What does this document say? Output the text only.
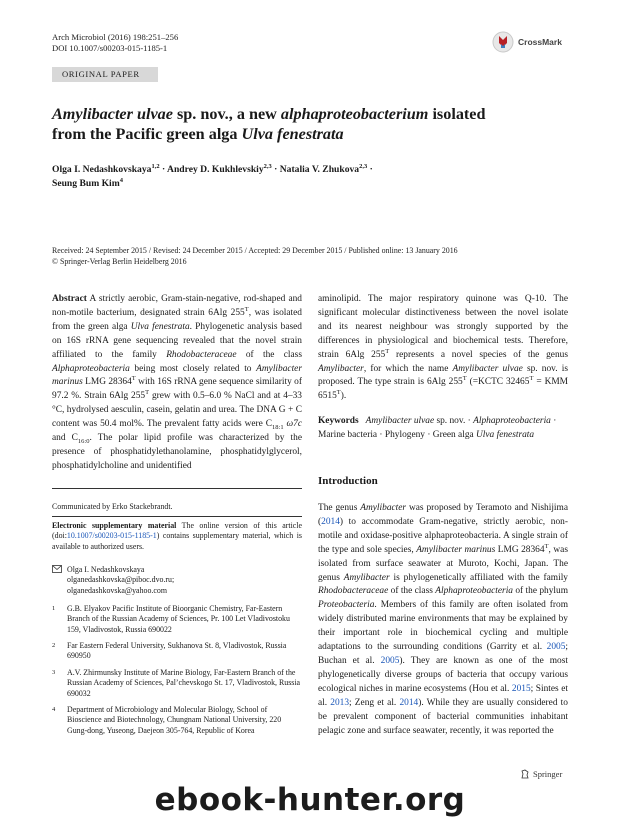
Arch Microbiol (2016) 198:251–256
DOI 10.1007/s00203-015-1185-1
CrossMark
ORIGINAL PAPER
Amylibacter ulvae sp. nov., a new alphaproteobacterium isolated
from the Pacific green alga Ulva fenestrata
Olga I. Nedashkovskaya$^{1,2}$ · Andrey D. Kukhlevskiy$^{2,3}$ · Natalia V. Zhukova$^{2,3}$ ·
Seung Bum Kim$^4$
Received: 24 September 2015 / Revised: 24 December 2015 / Accepted: 29 December 2015 / Published online: 13 January 2016
© Springer-Verlag Berlin Heidelberg 2016

Abstract A strictly aerobic, Gram-stain-negative, rod-shaped and non-motile bacterium, designated strain 6Alg $255^T$, was isolated from the green alga Ulva fenestrata. Phylogenetic analysis based on 16S rRNA gene sequencing revealed that the novel strain affiliated to the family Rhodobacteraceae of the class Alphaproteobacteria being most closely related to Amylibacter marinus LMG $28364^T$ with 16S rRNA gene sequence similarity of 97.2 %. Strain 6Alg $255^T$ grew with 0.5–6.0 % NaCl and at 4–33 °C, hydrolysed aesculin, casein, gelatin and urea. The DNA G + C content was 50.4 mol%. The prevalent fatty acids were $C_{18:1}$ ω7c and $C_{16:0}$. The polar lipid profile was characterized by the presence of phosphatidylethanolamine, phosphatidylglycerol, phosphatidylcholine and unidentified

Communicated by Erko Stackebrandt.
Electronic supplementary material The online version of this article (doi:10.1007/s00203-015-1185-1) contains supplementary material, which is available to authorized users.
Olga I. Nedashkovskaya
olganedashkovska@piboc.dvo.ru;
olganedashkovska@yahoo.com
1 G.B. Elyakov Pacific Institute of Bioorganic Chemistry, Far-Eastern Branch of the Russian Academy of Sciences, Pr. 100 Let Vladivostoku 159, Vladivostok, Russia 690022
2 Far Eastern Federal University, Sukhanova St. 8, Vladivostok, Russia 690950
3 A.V. Zhirmunsky Institute of Marine Biology, Far-Eastern Branch of the Russian Academy of Sciences, Pal’chevskogo St. 17, Vladivostok, Russia 690032
4 Department of Microbiology and Molecular Biology, School of Bioscience and Biotechnology, Chungnam National University, 220 Gung-dong, Yuseong, Daejeon 305-764, Republic of Korea

aminolipid. The major respiratory quinone was Q-10. The significant molecular distinctiveness between the novel isolate and its nearest neighbour was strongly supported by the differences in physiological and biochemical tests. Therefore, strain 6Alg $255^T$ represents a novel species of the genus Amylibacter, for which the name Amylibacter ulvae sp. nov. is proposed. The type strain is 6Alg $255^T$ (=KCTC $32465^T$ = KMM $6515^T$).

Keywords Amylibacter ulvae sp. nov. · Alphaproteobacteria · Marine bacteria · Phylogeny · Green alga Ulva fenestrata

Introduction

The genus Amylibacter was proposed by Teramoto and Nishijima (2014) to accommodate Gram-negative, strictly aerobic, non-motile and oxidase-positive alphaproteobacteria. A single strain of the type and sole species, Amylibacter marinus LMG $28364^T$, was isolated from surface seawater at Muroto, Kochi, Japan. The genus Amylibacter is phylogenetically affiliated with the family Rhodobacteraceae of the class Alphaproteobacteria of the phylum Proteobacteria. Members of this family are often isolated from widely distributed marine environments that may be explained by their important role in biochemical cycling and multiple adaptations to the surrounding conditions (Garrity et al. 2005; Buchan et al. 2005). They are known as one of the most phylogenetically diverse groups of bacteria that occupy various ecological niches in marine ecosystems (Hou et al. 2015; Sintes et al. 2013; Zeng et al. 2014). While they are usually considered to be prevalent component of bacterial communities inhabitant pelagic zone and surface seawater, recently, it was reported the

Springer
ebook-hunter.org
